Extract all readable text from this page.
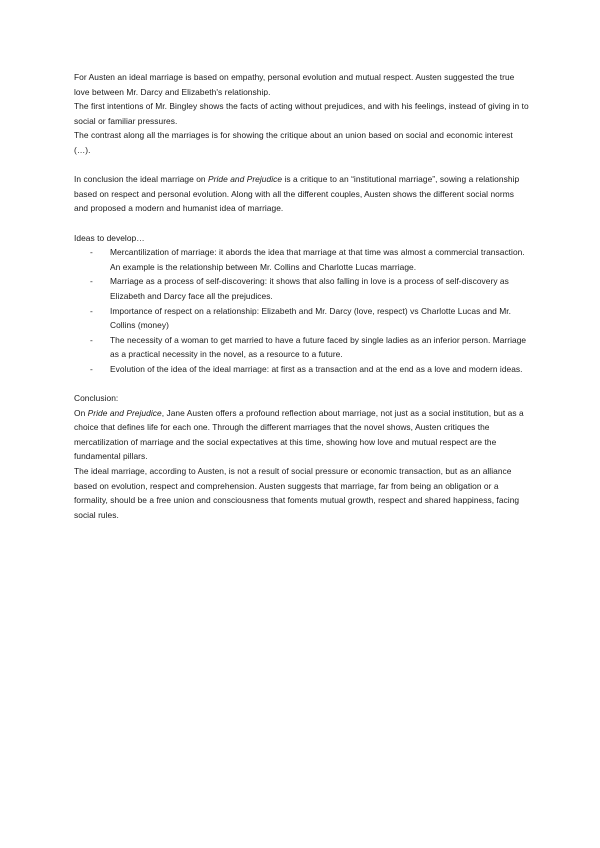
For Austen an ideal marriage is based on empathy, personal evolution and mutual respect. Austen suggested the true love between Mr. Darcy and Elizabeth's relationship.

The first intentions of Mr. Bingley shows the facts of acting without prejudices, and with his feelings, instead of giving in to social or familiar pressures.

The contrast along all the marriages is for showing the critique about an union based on social and economic interest (…).

In conclusion the ideal marriage on Pride and Prejudice is a critique to an “institutional marriage”, sowing a relationship based on respect and personal evolution. Along with all the different couples, Austen shows the different social norms and proposed a modern and humanist idea of marriage.

Ideas to develop…

- Mercantilization of marriage: it abords the idea that marriage at that time was almost a commercial transaction. An example is the relationship between Mr. Collins and Charlotte Lucas marriage.
- Marriage as a process of self-discovering: it shows that also falling in love is a process of self-discovery as Elizabeth and Darcy face all the prejudices.
- Importance of respect on a relationship: Elizabeth and Mr. Darcy (love, respect) vs Charlotte Lucas and Mr. Collins (money)
- The necessity of a woman to get married to have a future faced by single ladies as an inferior person. Marriage as a practical necessity in the novel, as a resource to a future.
- Evolution of the idea of the ideal marriage: at first as a transaction and at the end as a love and modern ideas.

Conclusion:

On Pride and Prejudice, Jane Austen offers a profound reflection about marriage, not just as a social institution, but as a choice that defines life for each one. Through the different marriages that the novel shows, Austen critiques the mercatilization of marriage and the social expectatives at this time, showing how love and mutual respect are the fundamental pillars.

The ideal marriage, according to Austen, is not a result of social pressure or economic transaction, but as an alliance based on evolution, respect and comprehension. Austen suggests that marriage, far from being an obligation or a formality, should be a free union and consciousness that foments mutual growth, respect and shared happiness, facing social rules.
